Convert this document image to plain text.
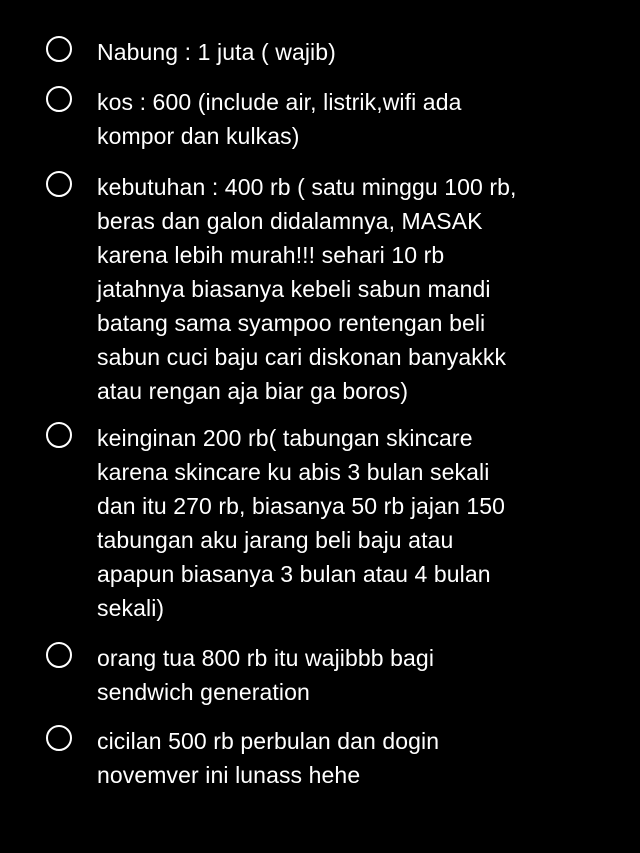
Nabung : 1 juta ( wajib)
kos : 600 (include air, listrik,wifi ada
kompor dan kulkas)
kebutuhan : 400 rb ( satu minggu 100 rb,
beras dan galon didalamnya, MASAK
karena lebih murah!!! sehari 10 rb
jatahnya biasanya kebeli sabun mandi
batang sama syampoo rentengan beli
sabun cuci baju cari diskonan banyakkk
atau rengan aja biar ga boros)
keinginan 200 rb( tabungan skincare
karena skincare ku abis 3 bulan sekali
dan itu 270 rb, biasanya 50 rb jajan 150
tabungan aku jarang beli baju atau
apapun biasanya 3 bulan atau 4 bulan
sekali)
orang tua 800 rb itu wajibbb bagi
sendwich generation
cicilan 500 rb perbulan dan dogin
novemver ini lunass hehe
